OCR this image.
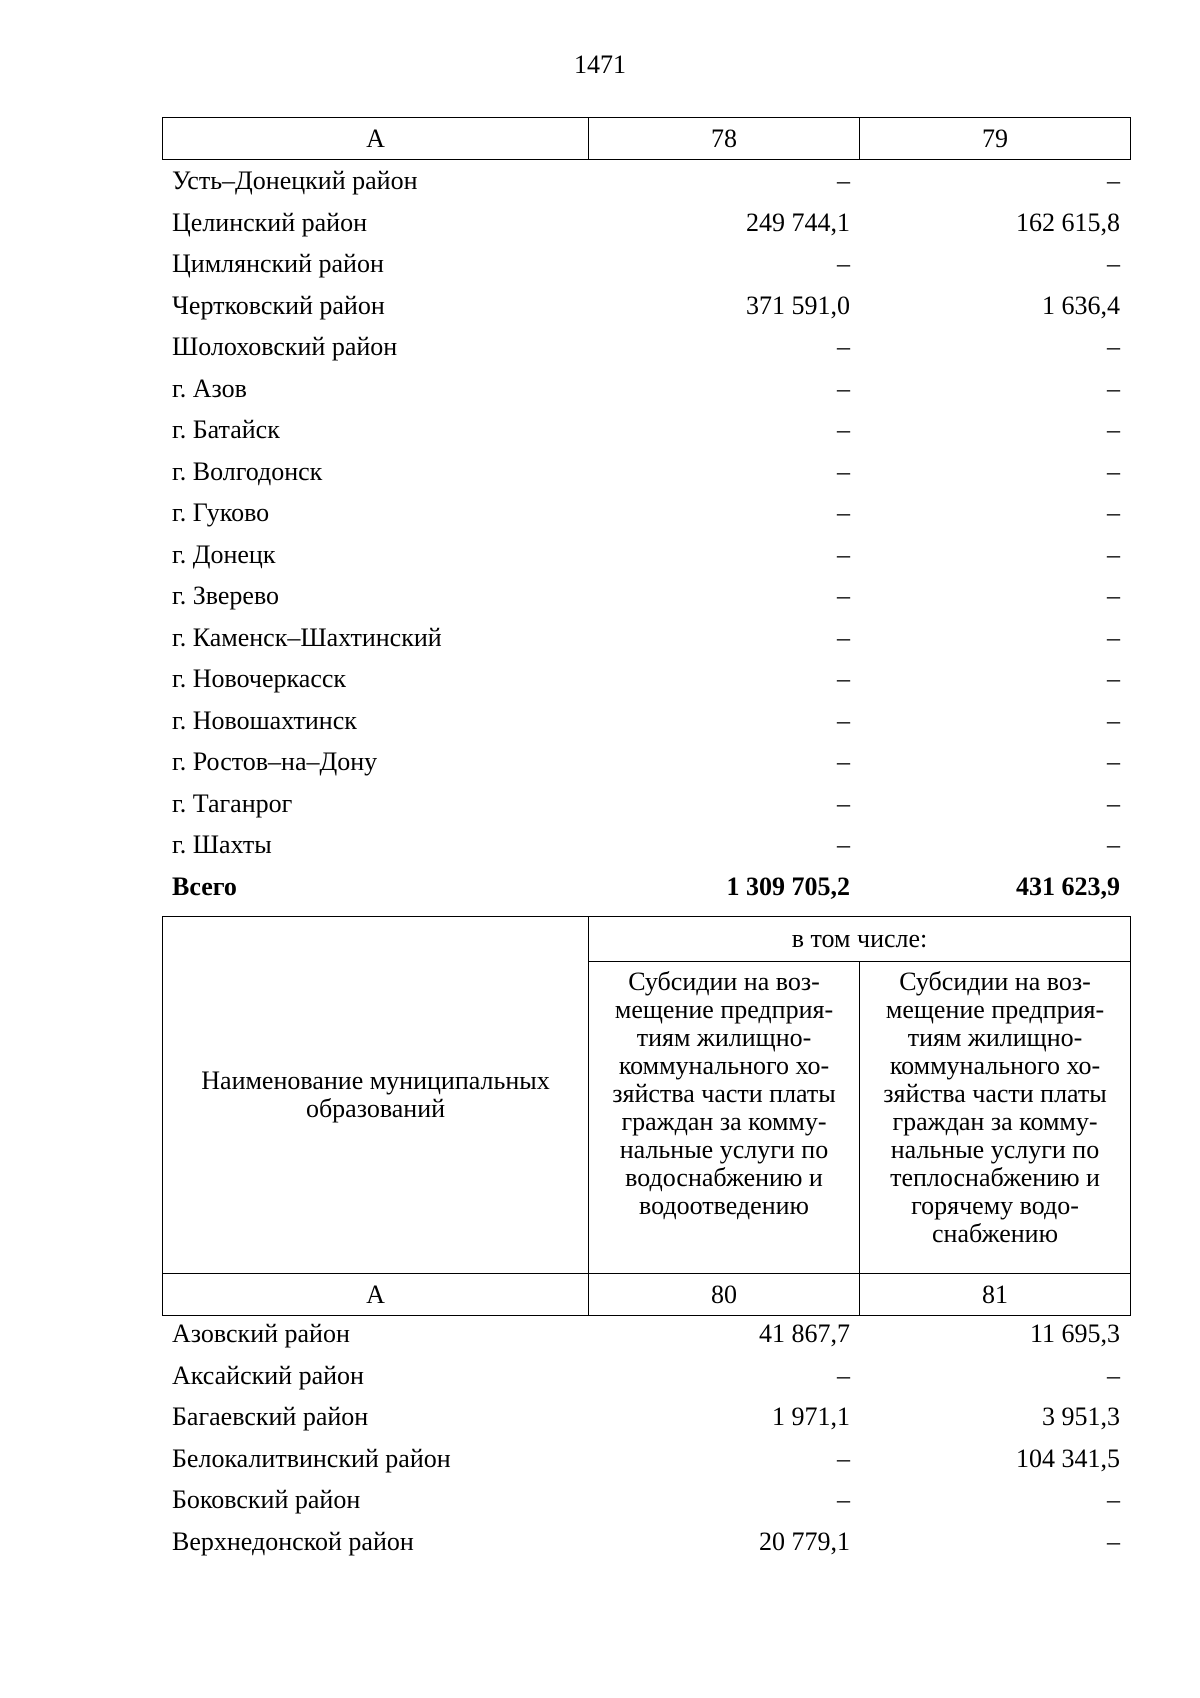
1471
А	78	79
Усть–Донецкий район	–	–
Целинский район	249 744,1	162 615,8
Цимлянский район	–	–
Чертковский район	371 591,0	1 636,4
Шолоховский район	–	–
г. Азов	–	–
г. Батайск	–	–
г. Волгодонск	–	–
г. Гуково	–	–
г. Донецк	–	–
г. Зверево	–	–
г. Каменск–Шахтинский	–	–
г. Новочеркасск	–	–
г. Новошахтинск	–	–
г. Ростов–на–Дону	–	–
г. Таганрог	–	–
г. Шахты	–	–
Всего	1 309 705,2	431 623,9
Наименование муниципальных образований	в том числе:	
	Субсидии на воз-мещение предприя-тиям жилищно-коммунального хо-зяйства части платы граждан за комму-нальные услуги по водоснабжению и водоотведению	Субсидии на воз-мещение предприя-тиям жилищно-коммунального хо-зяйства части платы граждан за комму-нальные услуги по теплоснабжению и горячему водо-снабжению
А	80	81
Азовский район	41 867,7	11 695,3
Аксайский район	–	–
Багаевский район	1 971,1	3 951,3
Белокалитвинский район	–	104 341,5
Боковский район	–	–
Верхнедонской район	20 779,1	–
